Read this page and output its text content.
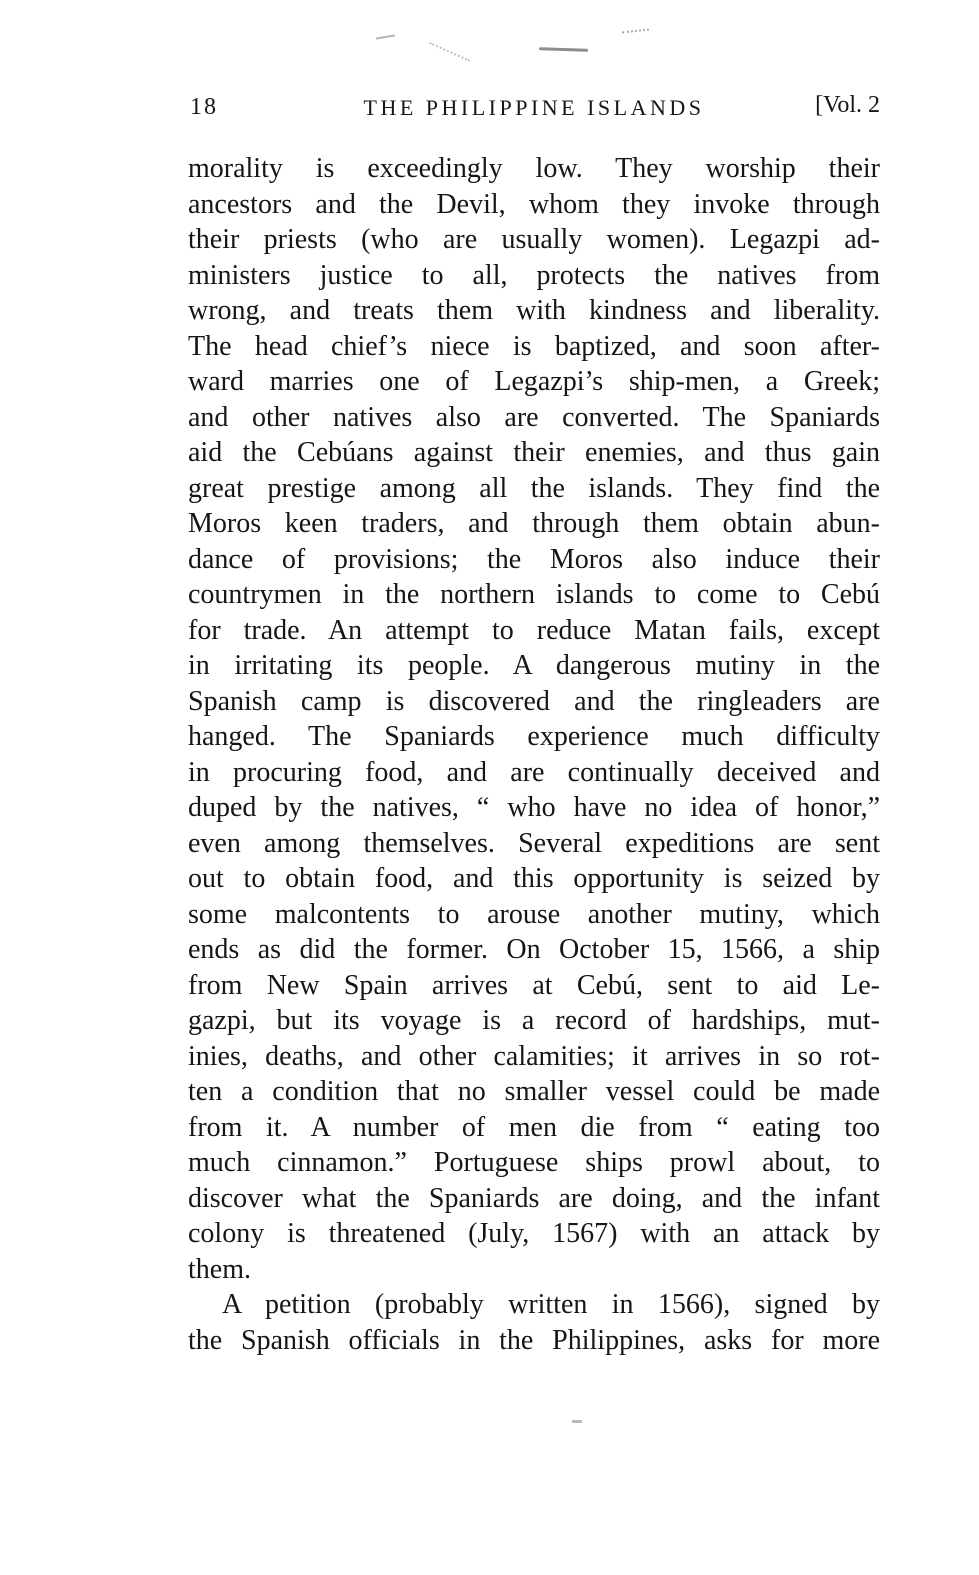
18	THE PHILIPPINE ISLANDS	[Vol. 2
morality is exceedingly low. They worship their
ancestors and the Devil, whom they invoke through
their priests (who are usually women). Legazpi ad-
ministers justice to all, protects the natives from
wrong, and treats them with kindness and liberality.
The head chief’s niece is baptized, and soon after-
ward marries one of Legazpi’s ship-men, a Greek;
and other natives also are converted. The Spaniards
aid the Cebúans against their enemies, and thus gain
great prestige among all the islands. They find the
Moros keen traders, and through them obtain abun-
dance of provisions; the Moros also induce their
countrymen in the northern islands to come to Cebú
for trade. An attempt to reduce Matan fails, except
in irritating its people. A dangerous mutiny in the
Spanish camp is discovered and the ringleaders are
hanged. The Spaniards experience much difficulty
in procuring food, and are continually deceived and
duped by the natives, “ who have no idea of honor,”
even among themselves. Several expeditions are sent
out to obtain food, and this opportunity is seized by
some malcontents to arouse another mutiny, which
ends as did the former. On October 15, 1566, a ship
from New Spain arrives at Cebú, sent to aid Le-
gazpi, but its voyage is a record of hardships, mut-
inies, deaths, and other calamities; it arrives in so rot-
ten a condition that no smaller vessel could be made
from it. A number of men die from “ eating too
much cinnamon.” Portuguese ships prowl about, to
discover what the Spaniards are doing, and the infant
colony is threatened (July, 1567) with an attack by
them.
A petition (probably written in 1566), signed by
the Spanish officials in the Philippines, asks for more
